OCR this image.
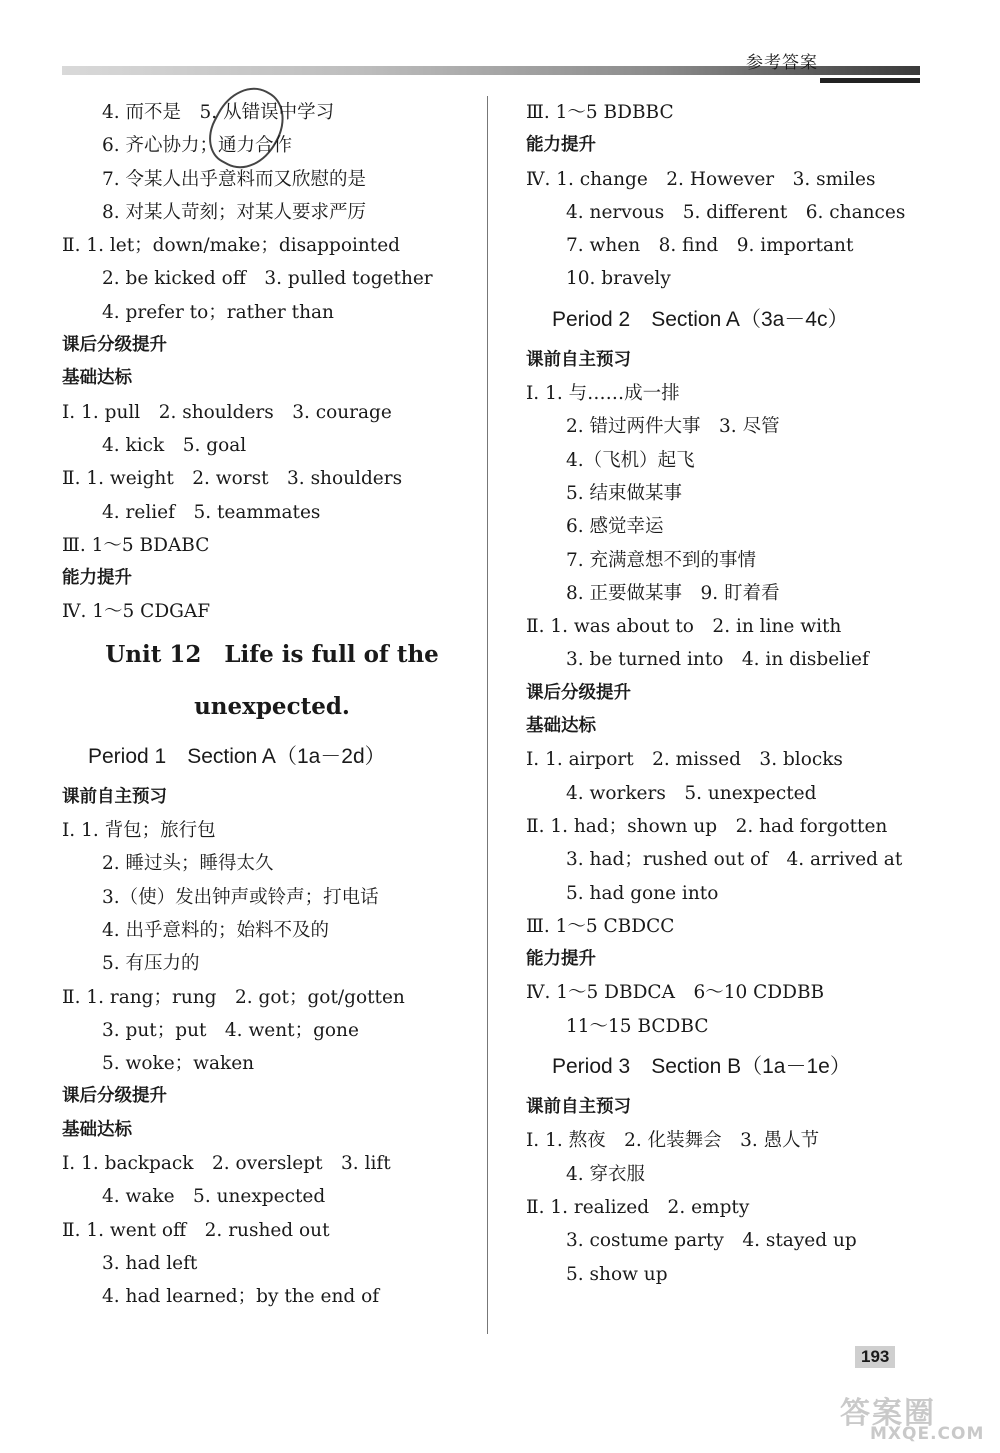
参考答案
4. 而不是　5. 从错误中学习
6. 齐心协力；通力合作
7. 令某人出乎意料而又欣慰的是
8. 对某人苛刻；对某人要求严厉
Ⅱ. 1. let；down/make；disappointed
2. be kicked off　3. pulled together
4. prefer to；rather than
课后分级提升
基础达标
Ⅰ. 1. pull　2. shoulders　3. courage
4. kick　5. goal
Ⅱ. 1. weight　2. worst　3. shoulders
4. relief　5. teammates
Ⅲ. 1～5 BDABC
能力提升
Ⅳ. 1～5 CDGAF
Unit 12　Life is full of the
unexpected.
Period 1　Section A（1a－2d）
课前自主预习
Ⅰ. 1. 背包；旅行包
2. 睡过头；睡得太久
3.（使）发出钟声或铃声；打电话
4. 出乎意料的；始料不及的
5. 有压力的
Ⅱ. 1. rang；rung　2. got；got/gotten
3. put；put　4. went；gone
5. woke；waken
课后分级提升
基础达标
Ⅰ. 1. backpack　2. overslept　3. lift
4. wake　5. unexpected
Ⅱ. 1. went off　2. rushed out
3. had left
4. had learned；by the end of
Ⅲ. 1～5 BDBBC
能力提升
Ⅳ. 1. change　2. However　3. smiles
4. nervous　5. different　6. chances
7. when　8. find　9. important
10. bravely
Period 2　Section A（3a－4c）
课前自主预习
Ⅰ. 1. 与……成一排
2. 错过两件大事　3. 尽管
4.（飞机）起飞
5. 结束做某事
6. 感觉幸运
7. 充满意想不到的事情
8. 正要做某事　9. 盯着看
Ⅱ. 1. was about to　2. in line with
3. be turned into　4. in disbelief
课后分级提升
基础达标
Ⅰ. 1. airport　2. missed　3. blocks
4. workers　5. unexpected
Ⅱ. 1. had；shown up　2. had forgotten
3. had；rushed out of　4. arrived at
5. had gone into
Ⅲ. 1～5 CBDCC
能力提升
Ⅳ. 1～5 DBDCA　6～10 CDDBB
11～15 BCDBC
Period 3　Section B（1a－1e）
课前自主预习
Ⅰ. 1. 熬夜　2. 化装舞会　3. 愚人节
4. 穿衣服
Ⅱ. 1. realized　2. empty
3. costume party　4. stayed up
5. show up
193
答案圈
MXQE.COM
